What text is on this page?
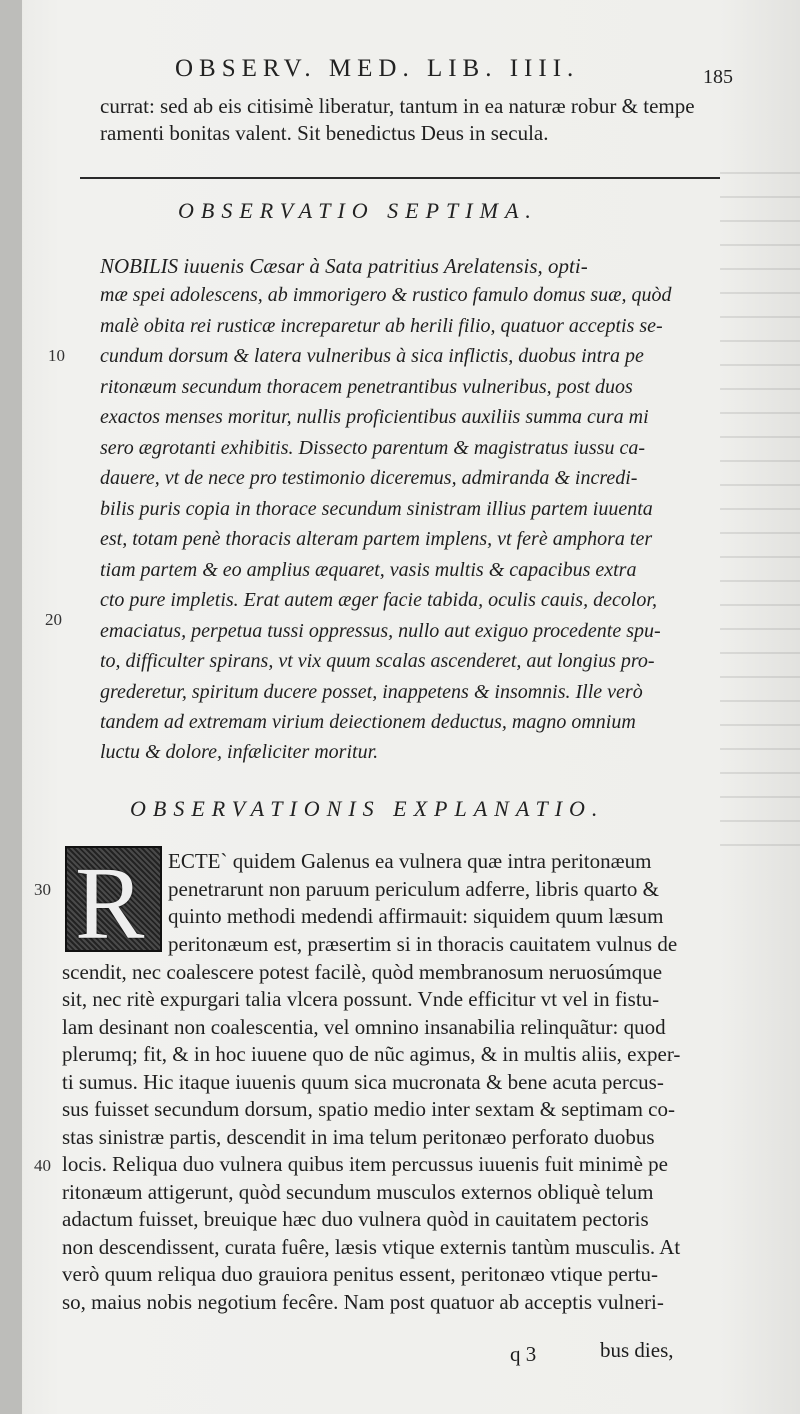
OBSERV. MED. LIB. IIII.	185
currat: sed ab eis citisimè liberatur, tantum in ea naturæ robur & tempe
ramenti bonitas valent. Sit benedictus Deus in secula.
OBSERVATIO SEPTIMA.
NOBILIS iuuenis Cæsar à Sata patritius Arelatensis, opti-
mæ spei adolescens, ab immorigero & rustico famulo domus suæ, quòd
malè obita rei rusticæ increparetur ab herili filio, quatuor acceptis se-
cundum dorsum & latera vulneribus à sica inflictis, duobus intra pe
ritonæum secundum thoracem penetrantibus vulneribus, post duos
exactos menses moritur, nullis proficientibus auxiliis summa cura mi
sero ægrotanti exhibitis. Dissecto parentum & magistratus iussu ca-
dauere, vt de nece pro testimonio diceremus, admiranda & incredi-
bilis puris copia in thorace secundum sinistram illius partem iuuenta
est, totam penè thoracis alteram partem implens, vt ferè amphora ter
tiam partem & eo amplius æquaret, vasis multis & capacibus extra
cto pure impletis. Erat autem æger facie tabida, oculis cauis, decolor,
emaciatus, perpetua tussi oppressus, nullo aut exiguo procedente spu-
to, difficulter spirans, vt vix quum scalas ascenderet, aut longius pro-
grederetur, spiritum ducere posset, inappetens & insomnis. Ille verò
tandem ad extremam virium deiectionem deductus, magno omnium
luctu & dolore, infæliciter moritur.
OBSERVATIONIS EXPLANATIO.
R ECTE` quidem Galenus ea vulnera quæ intra peritonæum
penetrarunt non paruum periculum adferre, libris quarto &
quinto methodi medendi affirmauit: siquidem quum læsum
peritonæum est, præsertim si in thoracis cauitatem vulnus de
scendit, nec coalescere potest facilè, quòd membranosum neruosúmque
sit, nec ritè expurgari talia vlcera possunt. Vnde efficitur vt vel in fistu-
lam desinant non coalescentia, vel omnino insanabilia relinquãtur: quod
plerumq; fit, & in hoc iuuene quo de nũc agimus, & in multis aliis, exper-
ti sumus. Hic itaque iuuenis quum sica mucronata & bene acuta percus-
sus fuisset secundum dorsum, spatio medio inter sextam & septimam co-
stas sinistræ partis, descendit in ima telum peritonæo perforato duobus
locis. Reliqua duo vulnera quibus item percussus iuuenis fuit minimè pe
ritonæum attigerunt, quòd secundum musculos externos obliquè telum
adactum fuisset, breuique hæc duo vulnera quòd in cauitatem pectoris
non descendissent, curata fuêre, læsis vtique externis tantùm musculis. At
verò quum reliqua duo grauiora penitus essent, peritonæo vtique pertu-
so, maius nobis negotium fecêre. Nam post quatuor ab acceptis vulneri-
10
20
30
40
q 3	bus dies,
